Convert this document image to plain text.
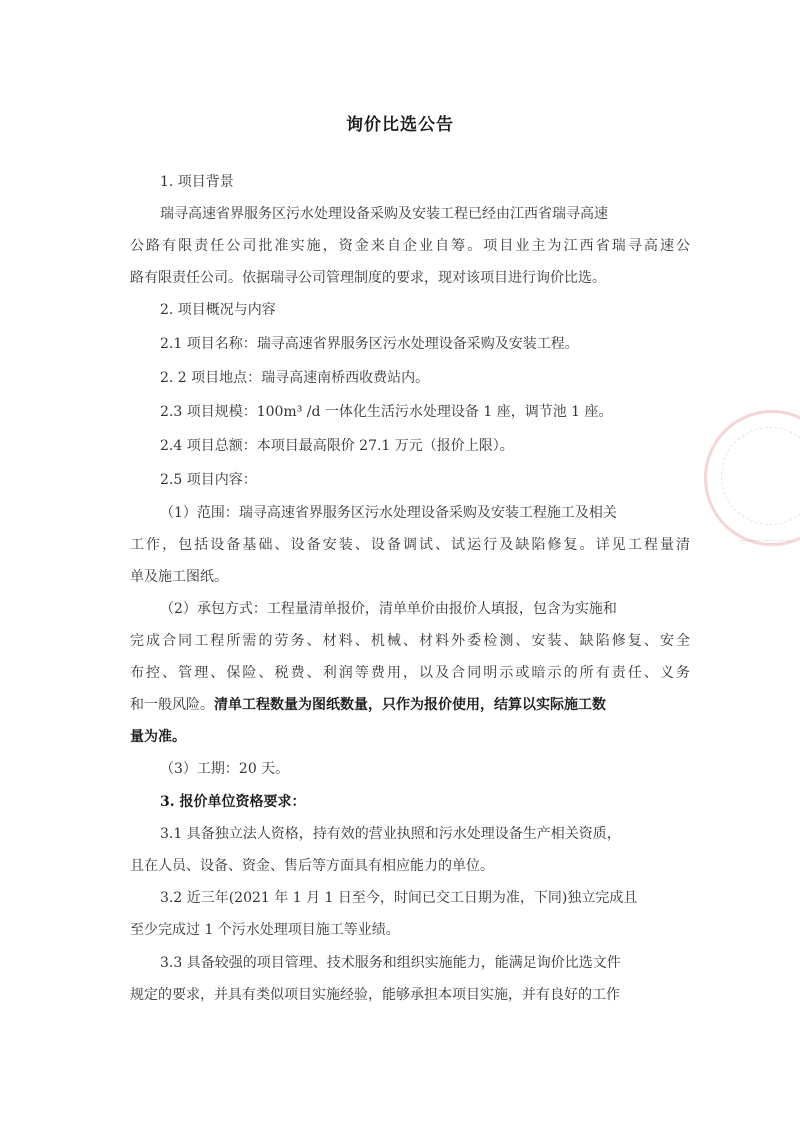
询价比选公告
1. 项目背景
瑞寻高速省界服务区污水处理设备采购及安装工程已经由江西省瑞寻高速
公路有限责任公司批准实施，资金来自企业自筹。项目业主为江西省瑞寻高速公
路有限责任公司。依据瑞寻公司管理制度的要求，现对该项目进行询价比选。
2. 项目概况与内容
2.1 项目名称：瑞寻高速省界服务区污水处理设备采购及安装工程。
2. 2 项目地点：瑞寻高速南桥西收费站内。
2.3 项目规模：100m³ /d 一体化生活污水处理设备 1 座，调节池 1 座。
2.4 项目总额：本项目最高限价 27.1 万元（报价上限）。
2.5 项目内容：
（1）范围：瑞寻高速省界服务区污水处理设备采购及安装工程施工及相关
工作，包括设备基础、设备安装、设备调试、试运行及缺陷修复。详见工程量清
单及施工图纸。
（2）承包方式：工程量清单报价，清单单价由报价人填报，包含为实施和
完成合同工程所需的劳务、材料、机械、材料外委检测、安装、缺陷修复、安全
布控、管理、保险、税费、利润等费用，以及合同明示或暗示的所有责任、义务
和一般风险。清单工程数量为图纸数量，只作为报价使用，结算以实际施工数
量为准。
（3）工期：20 天。
3. 报价单位资格要求：
3.1 具备独立法人资格，持有效的营业执照和污水处理设备生产相关资质，
且在人员、设备、资金、售后等方面具有相应能力的单位。
3.2 近三年(2021 年 1 月 1 日至今，时间已交工日期为准，下同)独立完成且
至少完成过 1 个污水处理项目施工等业绩。
3.3 具备较强的项目管理、技术服务和组织实施能力，能满足询价比选文件
规定的要求，并具有类似项目实施经验，能够承担本项目实施，并有良好的工作
